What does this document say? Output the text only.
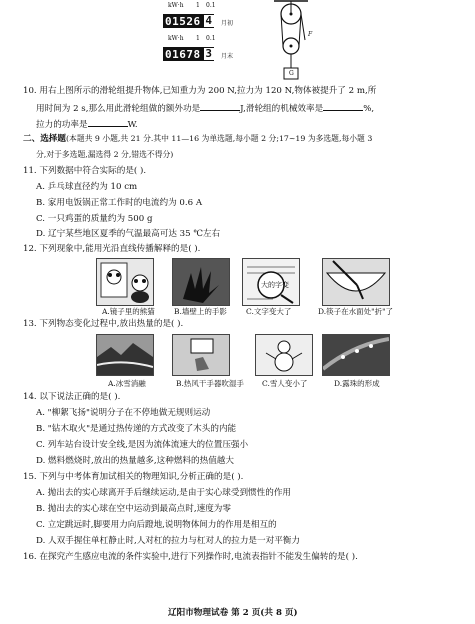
kW·h 1 0.1
01526 4 月初
kW·h 1 0.1
01678 3 月末
F
G
10. 用右上图所示的滑轮组提升物体,已知重力为 200 N,拉力为 120 N,物体被提升了 2 m,所
用时间为 2 s,那么用此滑轮组做的额外功是	J,滑轮组的机械效率是	%,
拉力的功率是	W.
二、选择题(本题共 9 小题,共 21 分.其中 11—16 为单选题,每小题 2 分;17~19 为多选题,每小题 3
分,对于多选题,漏选得 2 分,错选不得分)
11. 下列数据中符合实际的是( ).
A. 乒乓球直径约为 10 cm
B. 家用电饭锅正常工作时的电流约为 0.6 A
C. 一只鸡蛋的质量约为 500 g
D. 辽宁某些地区夏季的气温最高可达 35 ℃左右
12. 下列现象中,能用光沿直线传播解释的是( ).
大的字变
A.镜子里的熊猫	B.墙壁上的手影	C.文字变大了	D.筷子在水面处"折"了
13. 下列物态变化过程中,放出热量的是( ).
A.冰雪消融	B.热风干手器吹湿手 C.雪人变小了	D.露珠的形成
14. 以下说法正确的是( ).
A. "柳絮飞扬"说明分子在不停地做无规则运动
B. "钻木取火"是通过热传递的方式改变了木头的内能
C. 列车站台设计安全线,是因为流体流速大的位置压强小
D. 燃料燃烧时,放出的热量越多,这种燃料的热值越大
15. 下列与中考体育加试相关的物理知识,分析正确的是( ).
A. 抛出去的实心球离开手后继续运动,是由于实心球受到惯性的作用
B. 抛出去的实心球在空中运动到最高点时,速度为零
C. 立定跳远时,脚要用力向后蹬地,说明物体间力的作用是相互的
D. 人双手握住单杠静止时,人对杠的拉力与杠对人的拉力是一对平衡力
16. 在探究产生感应电流的条件实验中,进行下列操作时,电流表指针不能发生偏转的是( ).
辽阳市物理试卷 第 2 页(共 8 页)
